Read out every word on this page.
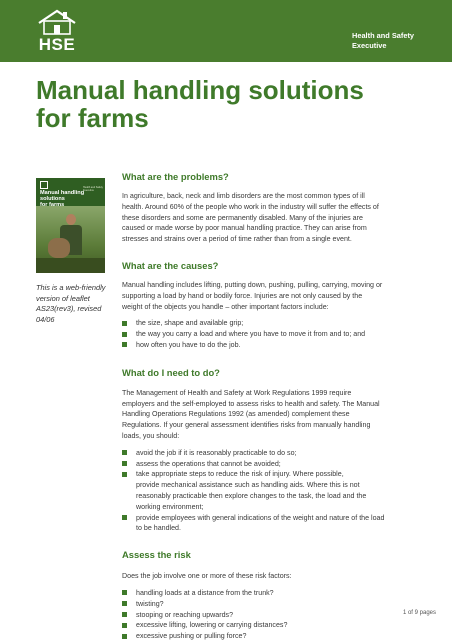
HSE	Health and Safety
Executive
Manual handling solutions
for farms
Manual handling solutions
for farms
Health and Safety
Executive
This is a web-friendly
version of leaflet
AS23(rev3), revised 04/06
What are the problems?

In agriculture, back, neck and limb disorders are the most common types of ill
health. Around 60% of the people who work in the industry will suffer the effects of
these disorders and some are permanently disabled. Many of the injuries are
caused or made worse by poor manual handling practice. They can arise from
stresses and strains over a period of time rather than from a single event.

What are the causes?

Manual handling includes lifting, putting down, pushing, pulling, carrying, moving or
supporting a load by hand or bodily force. Injuries are not only caused by the
weight of the objects you handle – other important factors include:

the size, shape and available grip;
the way you carry a load and where you have to move it from and to; and
how often you have to do the job.
What do I need to do?

The Management of Health and Safety at Work Regulations 1999 require
employers and the self-employed to assess risks to health and safety. The Manual
Handling Operations Regulations 1992 (as amended) complement these
Regulations. If your general assessment identifies risks from manually handling
loads, you should:

avoid the job if it is reasonably practicable to do so;
assess the operations that cannot be avoided;
take appropriate steps to reduce the risk of injury. Where possible,
provide mechanical assistance such as handling aids. Where this is not
reasonably practicable then explore changes to the task, the load and the
working environment;
provide employees with general indications of the weight and nature of the load
to be handled.
Assess the risk

Does the job involve one or more of these risk factors:

handling loads at a distance from the trunk?
twisting?
stooping or reaching upwards?
excessive lifting, lowering or carrying distances?
excessive pushing or pulling force?
1 of 9 pages
